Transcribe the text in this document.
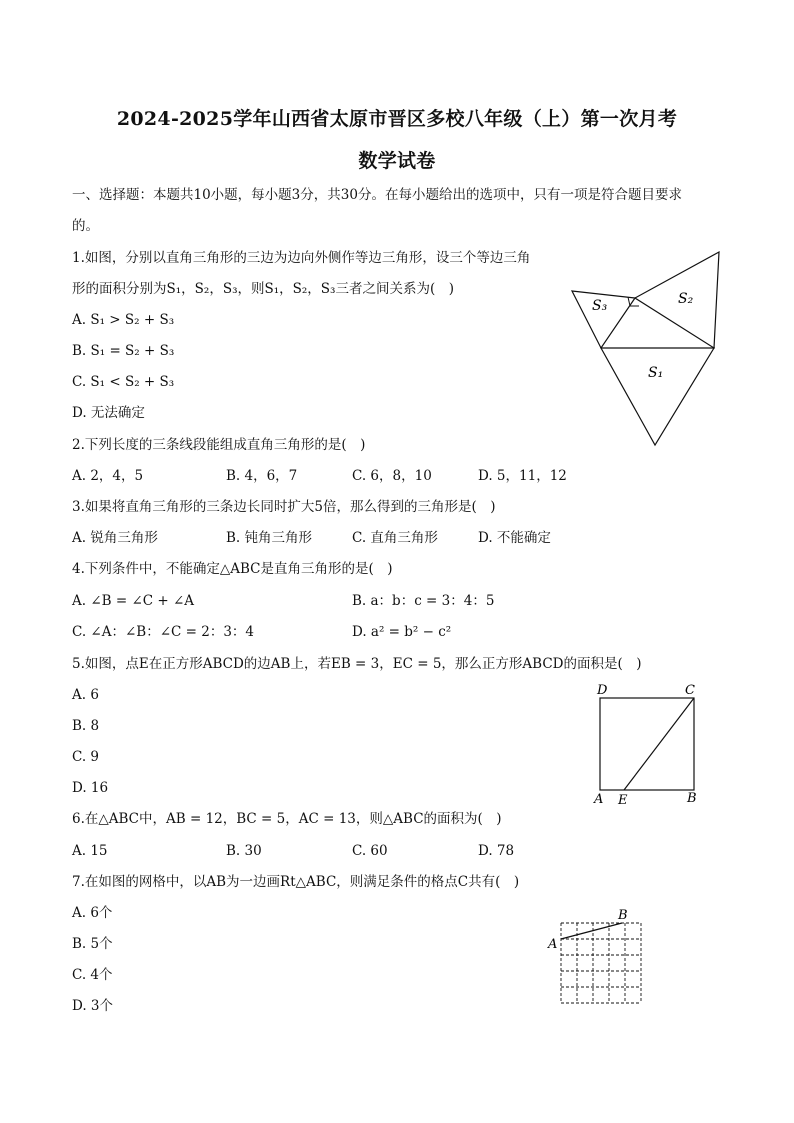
2024-2025学年山西省太原市晋区多校八年级（上）第一次月考
数学试卷
一、选择题：本题共10小题，每小题3分，共30分。在每小题给出的选项中，只有一项是符合题目要求
的。
1.如图，分别以直角三角形的三边为边向外侧作等边三角形，设三个等边三角
形的面积分别为S₁，S₂，S₃，则S₁，S₂，S₃三者之间关系为(　)
A. S₁ > S₂ + S₃
B. S₁ = S₂ + S₃
C. S₁ < S₂ + S₃
D. 无法确定
S₁
S₂
S₃
2.下列长度的三条线段能组成直角三角形的是(　)
A. 2，4，5	B. 4，6，7	C. 6，8，10	D. 5，11，12
3.如果将直角三角形的三条边长同时扩大5倍，那么得到的三角形是(　)
A. 锐角三角形	B. 钝角三角形	C. 直角三角形	D. 不能确定
4.下列条件中，不能确定△ABC是直角三角形的是(　)
A. ∠B = ∠C + ∠A	B. a：b：c = 3：4：5
C. ∠A：∠B：∠C = 2：3：4	D. a² = b² − c²
5.如图，点E在正方形ABCD的边AB上，若EB = 3，EC = 5，那么正方形ABCD的面积是(　)
A. 6
B. 8
C. 9
D. 16
D	C
A E	B
6.在△ABC中，AB = 12，BC = 5，AC = 13，则△ABC的面积为(　)
A. 15	B. 30	C. 60	D. 78
7.在如图的网格中，以AB为一边画Rt△ABC，则满足条件的格点C共有(　)
A. 6个
B. 5个
C. 4个
D. 3个
A
B
